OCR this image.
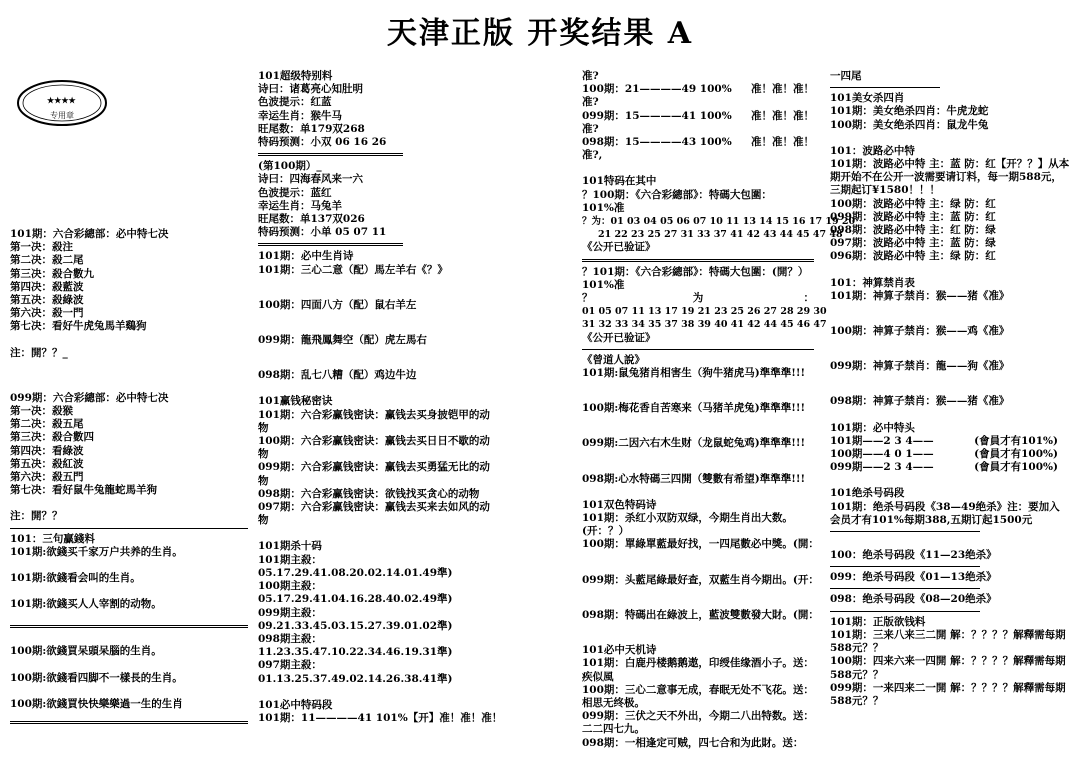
天津正版 开奖结果 A
★★★★
专用章
101期：六合彩總部：必中特七决
第一决：殺注
第二决：殺二尾
第三决：殺合數九
第四决：殺藍波
第五决：殺綠波
第六决：殺一門
第七决：看好牛虎兔馬羊鷄狗
注：開？？_
099期：六合彩總部：必中特七决
第一决：殺猴
第二决：殺五尾
第三决：殺合數四
第四决：看綠波
第五决：殺紅波
第六决：殺五門
第七决：看好鼠牛兔龍蛇馬羊狗
注：開？？
101：三句贏錢料
101期:欲錢买千家万户共养的生肖。
101期:欲錢看会叫的生肖。
101期:欲錢买人人宰割的动物。
100期:欲錢買呆頭呆腦的生肖。
100期:欲錢看四脚不一樣長的生肖。
100期:欲錢買快快樂樂過一生的生肖
101超级特别料
诗曰：诸葛亮心知肚明
色波提示：红蓝
幸运生肖：猴牛马
旺尾数：单179双268
特码预测：小双 06 16 26
(第100期）_
诗曰：四海春风来一六
色波提示：蓝红
幸运生肖：马兔羊
旺尾数：单137双026
特码预测：小单 05 07 11
101期：必中生肖诗
101期：三心二意（配）馬左羊右《？》
100期：四面八方（配）鼠右羊左
099期：龍飛鳳舞空（配）虎左馬右
098期：乱七八糟（配）鸡边牛边
101赢钱秘密诀
101期：六合彩赢钱密诀：赢钱去买身披铠甲的动物
100期：六合彩赢钱密诀：赢钱去买日日不歇的动物
099期：六合彩赢钱密诀：赢钱去买勇猛无比的动物
098期：六合彩赢钱密诀：欲钱找买贪心的动物
097期：六合彩赢钱密诀：赢钱去买来去如风的动物
101期杀十码
101期主殺：05.17.29.41.08.20.02.14.01.49準)
100期主殺：05.17.29.41.04.16.28.40.02.49準)
099期主殺：09.21.33.45.03.15.27.39.01.02準)
098期主殺：11.23.35.47.10.22.34.46.19.31準)
097期主殺：01.13.25.37.49.02.14.26.38.41準)
101必中特码段
101期：11————41 101%【开】准！准！准！
准?
100期：21————49 100% 准！准！准！
准?
099期：15————41 100% 准！准！准！
准?
098期：15————43 100% 准！准！准！
准?,
101特码在其中
？100期：《六合彩總部》：特碼大包圍：
101%准
？为：01 03 04 05 06 07 10 11 13 14 15 16 17 19 20
21 22 23 25 27 31 33 37 41 42 43 44 45 47 48
《公开已验证》
？101期：《六合彩總部》：特碼大包圍：(開？）
101%准
？	为	：
01 05 07 11 13 17 19 21 23 25 26 27 28 29 30
31 32 33 34 35 37 38 39 40 41 42 44 45 46 47
《公开已验证》
《曾道人說》
101期:鼠兔猪肖相害生（狗牛猪虎马)準準準!!!
100期:梅花香自苦寒来（马猪羊虎兔)準準準!!!
099期:二因六右木生财（龙鼠蛇兔鸡)準準準!!!
098期:心水特碼三四開（雙數有希望)準準準!!!
101双色特码诗
101期：杀红小双防双绿，今期生肖出大数。(开：？）
100期：單綠單藍最好找，一四尾數必中獎。(開：
099期：头藍尾綠最好查，双藍生肖今期出。(开：
098期：特碼出在綠波上，藍波雙數發大財。(開：
101必中天机诗
101期：白鹿丹楼鹅鹅遨，印绶佳缘酒小子。送：疾似風
100期：三心二意事无成，春眠无处不飞花。送：相思无终极。
099期：三伏之天不外出，今期二八出特数。送：二二四七九。
098期：一相逢定可贼，四七合和为此財。送：
一四尾
101美女杀四肖
101期：美女绝杀四肖：牛虎龙蛇
100期：美女绝杀四肖：鼠龙牛兔
101：波路必中特
101期：波路必中特 主：蓝 防：红【开？？】从本期开始不在公开一波需要请订料，每一期588元，三期起订¥1580！！！
100期：波路必中特 主：绿 防：红
099期：波路必中特 主：蓝 防：红
098期：波路必中特 主：红 防：绿
097期：波路必中特 主：蓝 防：绿
096期：波路必中特 主：绿 防：红
101：神算禁肖表
101期：神算子禁肖：猴——猪《准》
100期：神算子禁肖：猴——鸡《准》
099期：神算子禁肖：龍——狗《准》
098期：神算子禁肖：猴——猪《准》
101期：必中特头
101期——2 3 4——	(會員才有101%)
100期——4 0 1——	(會員才有100%)
099期——2 3 4——	(會員才有100%)
101绝杀号码段
101期：绝杀号码段《38—49绝杀》注：要加入会员才有101%每期388,五期订起1500元
100：绝杀号码段《11—23绝杀》
099：绝杀号码段《01—13绝杀》
098：绝杀号码段《08—20绝杀》
101期：正版欲钱料
101期：三来八来三二開 解：？？？？解釋需每期588元？？
100期：四来六来一四開 解：？？？？解釋需每期588元？？
099期：一来四来二一開 解：？？？？解釋需每期588元？？
